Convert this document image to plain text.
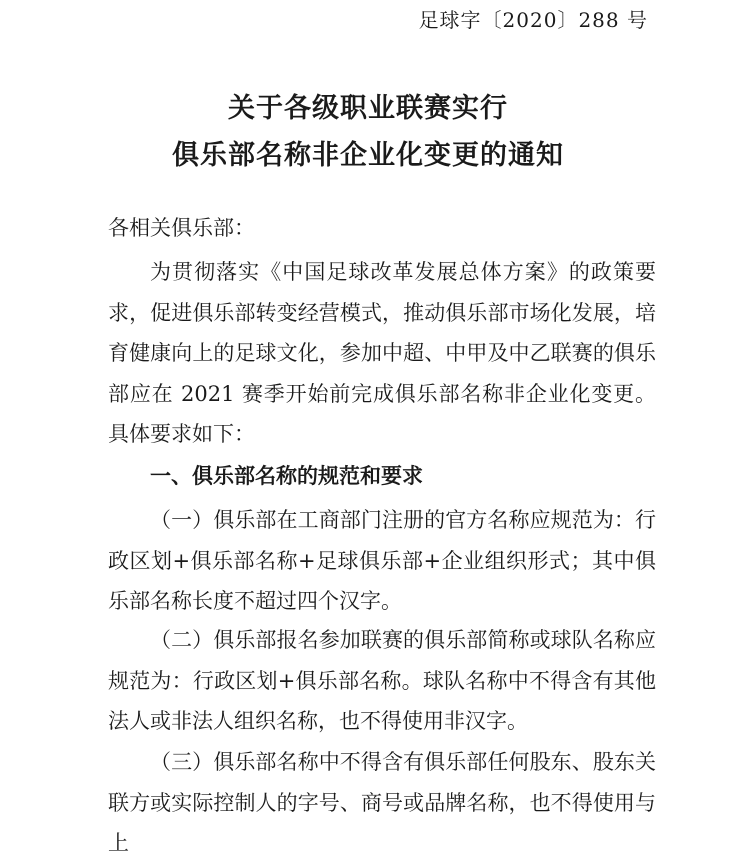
足球字〔2020〕288 号
关于各级职业联赛实行
俱乐部名称非企业化变更的通知
各相关俱乐部：
为贯彻落实《中国足球改革发展总体方案》的政策要求，促进俱乐部转变经营模式，推动俱乐部市场化发展，培育健康向上的足球文化，参加中超、中甲及中乙联赛的俱乐部应在 2021 赛季开始前完成俱乐部名称非企业化变更。具体要求如下：
一、俱乐部名称的规范和要求
（一）俱乐部在工商部门注册的官方名称应规范为：行政区划+俱乐部名称+足球俱乐部+企业组织形式；其中俱乐部名称长度不超过四个汉字。
（二）俱乐部报名参加联赛的俱乐部简称或球队名称应规范为：行政区划+俱乐部名称。球队名称中不得含有其他法人或非法人组织名称，也不得使用非汉字。
（三）俱乐部名称中不得含有俱乐部任何股东、股东关联方或实际控制人的字号、商号或品牌名称，也不得使用与上
